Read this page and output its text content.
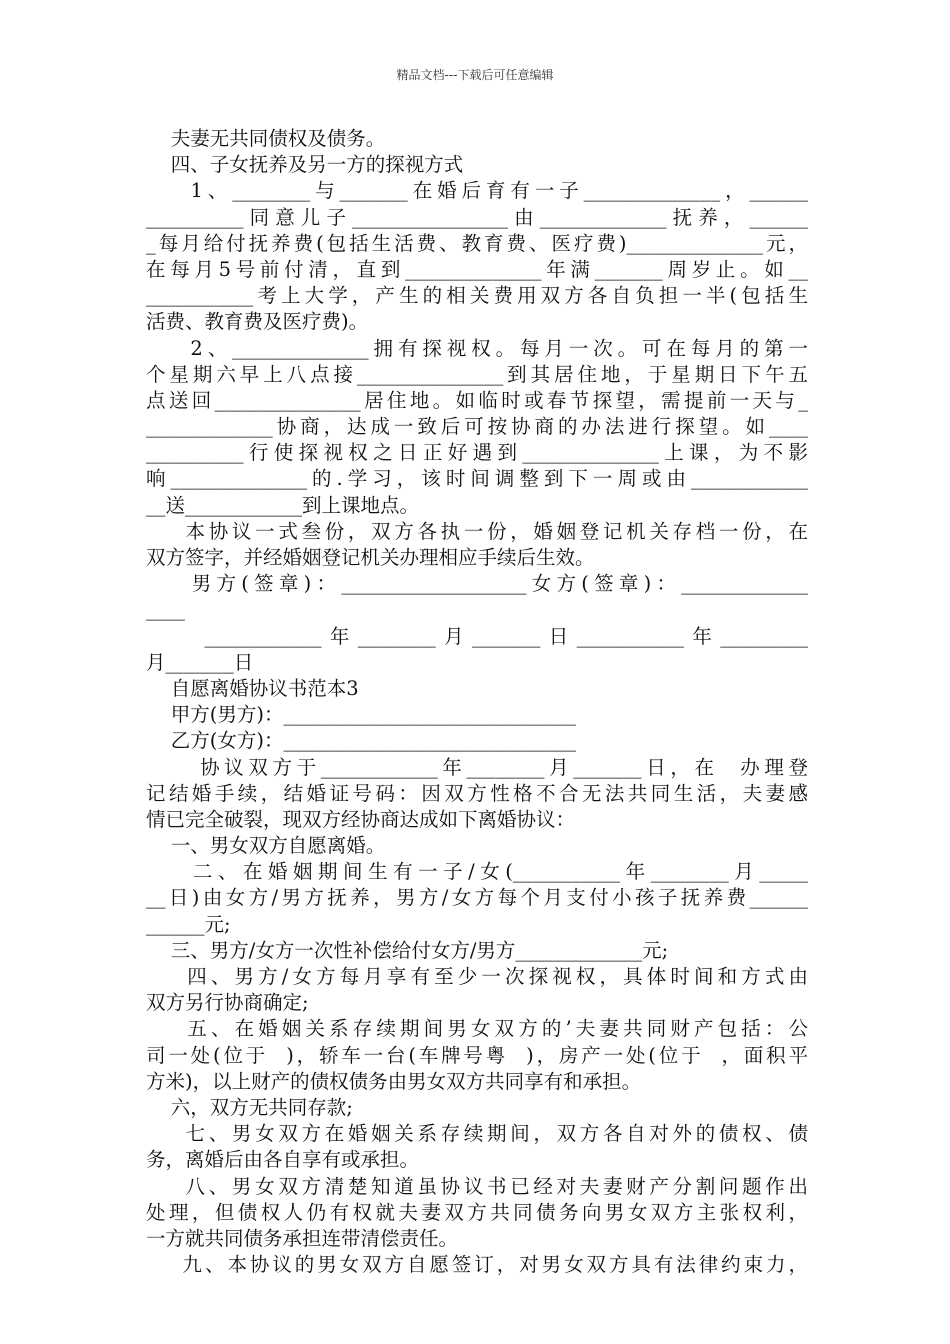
精品文档---下载后可任意编辑
夫妻无共同债权及债务。
四、子女抚养及另一方的探视方式
1、________与_______在婚后育有一子______________，______
__________同意儿子________________由_____________抚养，______
_每月给付抚养费(包括生活费、教育费、医疗费)______________元，
在每月5号前付清，直到______________年满_______周岁止。如__
___________考上大学，产生的相关费用双方各自负担一半(包括生
活费、教育费及医疗费)。
2、______________拥有探视权。每月一次。可在每月的第一
个星期六早上八点接_______________到其居住地，于星期日下午五
点送回_______________居住地。如临时或春节探望，需提前一天与_
_____________协商，达成一致后可按协商的办法进行探望。如____
__________行使探视权之日正好遇到______________上课，为不影
响______________的.学习，该时间调整到下一周或由____________
__送____________到上课地点。
本协议一式叁份，双方各执一份，婚姻登记机关存档一份，在
双方签字，并经婚姻登记机关办理相应手续后生效。
男方(签章)：___________________女方(签章)：_____________
____
____________年________月_______日___________年_________
月_______日
自愿离婚协议书范本3
甲方(男方)：______________________________
乙方(女方)：______________________________
协议双方于____________年________月_______日，在  办理登
记结婚手续，结婚证号码：因双方性格不合无法共同生活，夫妻感
情已完全破裂，现双方经协商达成如下离婚协议：
一、男女双方自愿离婚。
二、在婚姻期间生有一子/女(___________年________月_____
__日)由女方/男方抚养，男方/女方每个月支付小孩子抚养费______
______元;
三、男方/女方一次性补偿给付女方/男方_____________元;
四、男方/女方每月享有至少一次探视权，具体时间和方式由
双方另行协商确定;
五、在婚姻关系存续期间男女双方的’夫妻共同财产包括：公
司一处(位于  )，轿车一台(车牌号粤  )，房产一处(位于  ，面积平
方米)，以上财产的债权债务由男女双方共同享有和承担。
六，双方无共同存款;
七、男女双方在婚姻关系存续期间，双方各自对外的债权、债
务，离婚后由各自享有或承担。
八、男女双方清楚知道虽协议书已经对夫妻财产分割问题作出
处理，但债权人仍有权就夫妻双方共同债务向男女双方主张权利，
一方就共同债务承担连带清偿责任。
九、本协议的男女双方自愿签订，对男女双方具有法律约束力，
